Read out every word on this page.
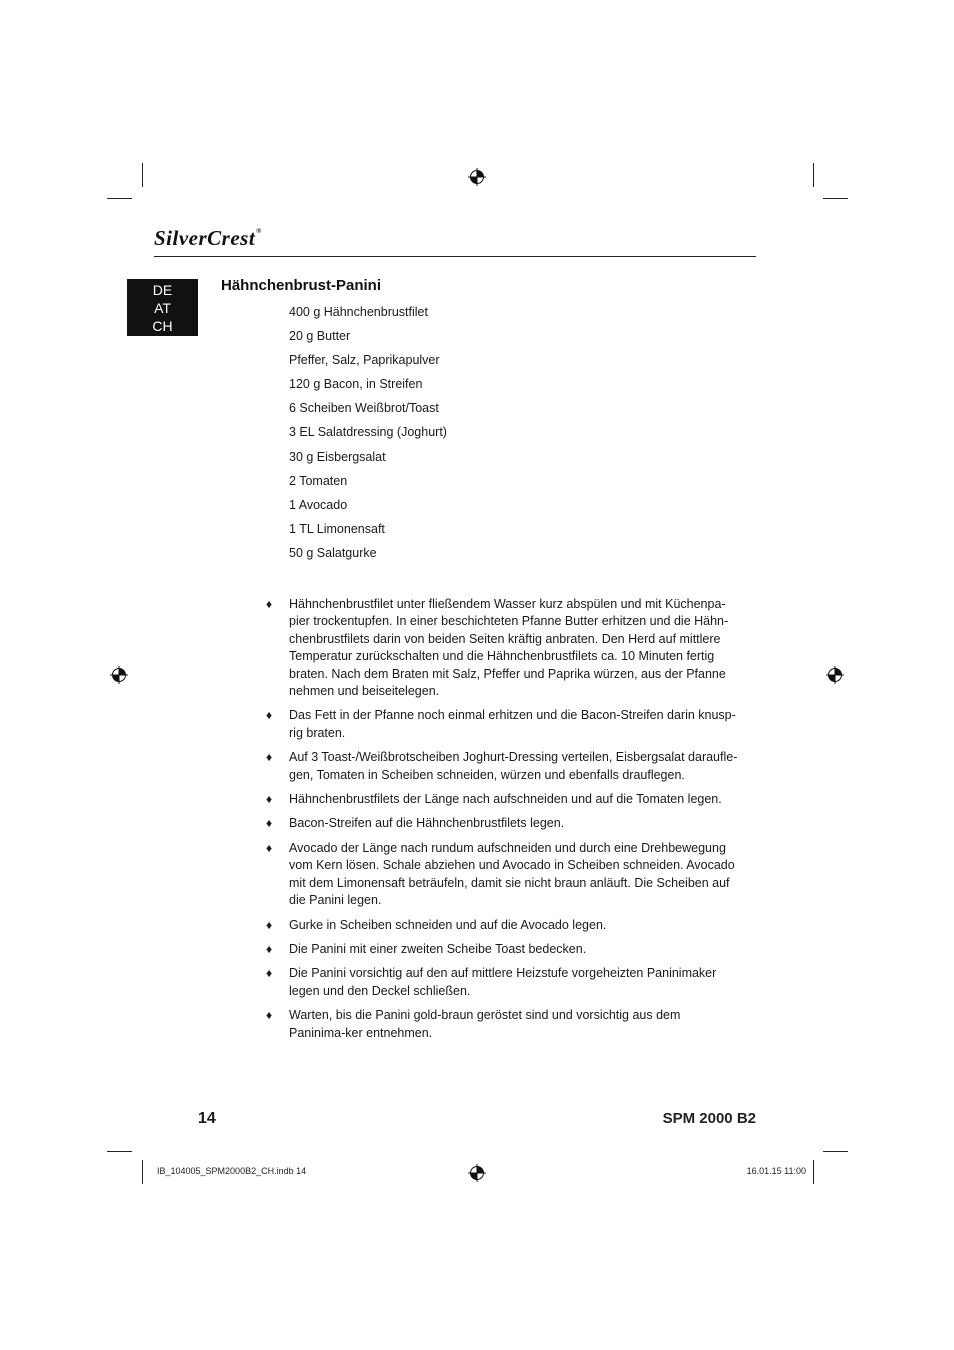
SilverCrest®
DE
AT
CH
Hähnchenbrust-Panini
400 g Hähnchenbrustfilet
20 g Butter
Pfeffer, Salz, Paprikapulver
120 g Bacon, in Streifen
6 Scheiben Weißbrot/Toast
3 EL Salatdressing (Joghurt)
30 g Eisbergsalat
2 Tomaten
1 Avocado
1 TL Limonensaft
50 g Salatgurke
♦ Hähnchenbrustfilet unter fließendem Wasser kurz abspülen und mit Küchenpa-pier trockentupfen. In einer beschichteten Pfanne Butter erhitzen und die Hähn-chenbrustfilets darin von beiden Seiten kräftig anbraten. Den Herd auf mittlere Temperatur zurückschalten und die Hähnchenbrustfilets ca. 10 Minuten fertig braten. Nach dem Braten mit Salz, Pfeffer und Paprika würzen, aus der Pfanne nehmen und beiseitelegen.
♦ Das Fett in der Pfanne noch einmal erhitzen und die Bacon-Streifen darin knusp-rig braten.
♦ Auf 3 Toast-/Weißbrotscheiben Joghurt-Dressing verteilen, Eisbergsalat daraufle-gen, Tomaten in Scheiben schneiden, würzen und ebenfalls drauflegen.
♦ Hähnchenbrustfilets der Länge nach aufschneiden und auf die Tomaten legen.
♦ Bacon-Streifen auf die Hähnchenbrustfilets legen.
♦ Avocado der Länge nach rundum aufschneiden und durch eine Drehbewegung vom Kern lösen. Schale abziehen und Avocado in Scheiben schneiden. Avocado mit dem Limonensaft beträufeln, damit sie nicht braun anläuft. Die Scheiben auf die Panini legen.
♦ Gurke in Scheiben schneiden und auf die Avocado legen.
♦ Die Panini mit einer zweiten Scheibe Toast bedecken.
♦ Die Panini vorsichtig auf den auf mittlere Heizstufe vorgeheizten Paninimaker legen und den Deckel schließen.
♦ Warten, bis die Panini gold-braun geröstet sind und vorsichtig aus dem Paninima-ker entnehmen.
14	SPM 2000 B2
IB_104005_SPM2000B2_CH.indb 14	16.01.15 11:00
